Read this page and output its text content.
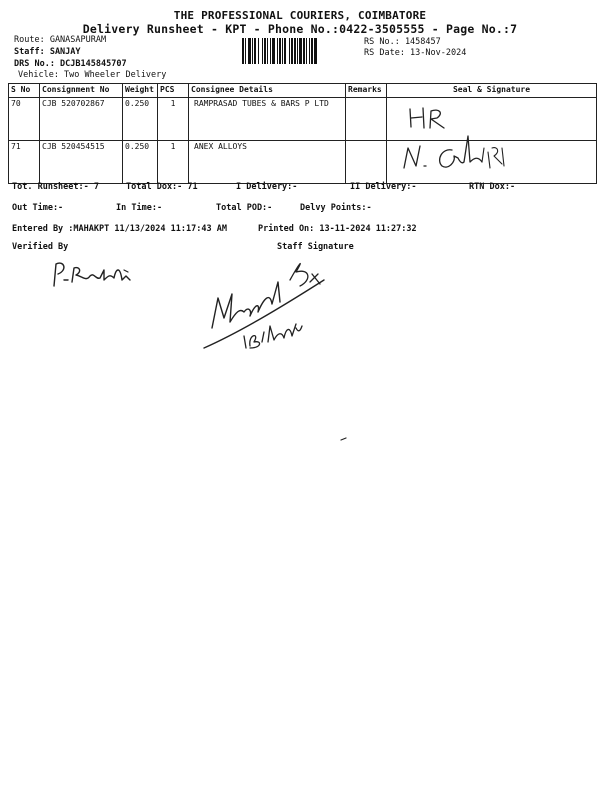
THE PROFESSIONAL COURIERS, COIMBATORE
Delivery Runsheet - KPT - Phone No.:0422-3505555 - Page No.:7
Route: GANASAPURAM
Staff: SANJAY
DRS No.: DCJB145845707
Vehicle: Two Wheeler Delivery
RS No.: 1458457
RS Date: 13-Nov-2024
S No	Consignment No	Weight	PCS	Consignee Details	Remarks	Seal & Signature
70	CJB 520702867	0.250	1	RAMPRASAD TUBES & BARS P LTD		
71	CJB 520454515	0.250	1	ANEX ALLOYS		
Tot. Runsheet:- 7	Total Dox:- 71	I Delivery:-	II Delivery:-	RTN Dox:-
Out Time:-	In Time:-	Total POD:-	Delvy Points:-
Entered By :MAHAKPT 11/13/2024 11:17:43 AM	Printed On: 13-11-2024 11:27:32
Verified By	Staff Signature
